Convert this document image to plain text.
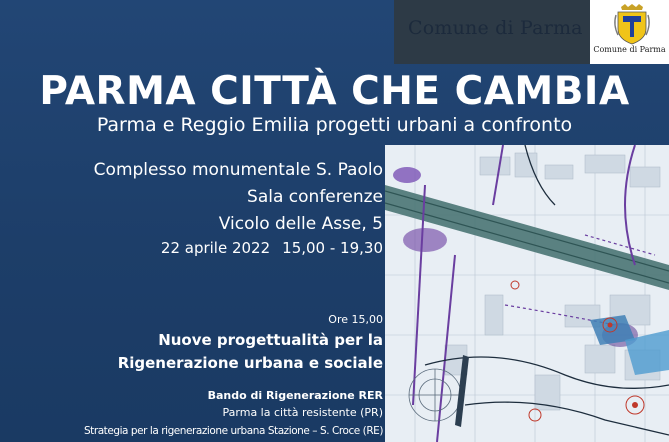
Comune di Parma
Comune di Parma
PARMA CITTÀ CHE CAMBIA
Parma e Reggio Emilia progetti urbani a confronto
Complesso monumentale S. Paolo
Sala conferenze
Vicolo delle Asse, 5
22 aprile 2022 15,00 - 19,30
Ore 15,00
Nuove progettualità per la
Rigenerazione urbana e sociale
Bando di Rigenerazione RER
Parma la città resistente (PR)
Strategia per la rigenerazione urbana Stazione – S. Croce (RE)
